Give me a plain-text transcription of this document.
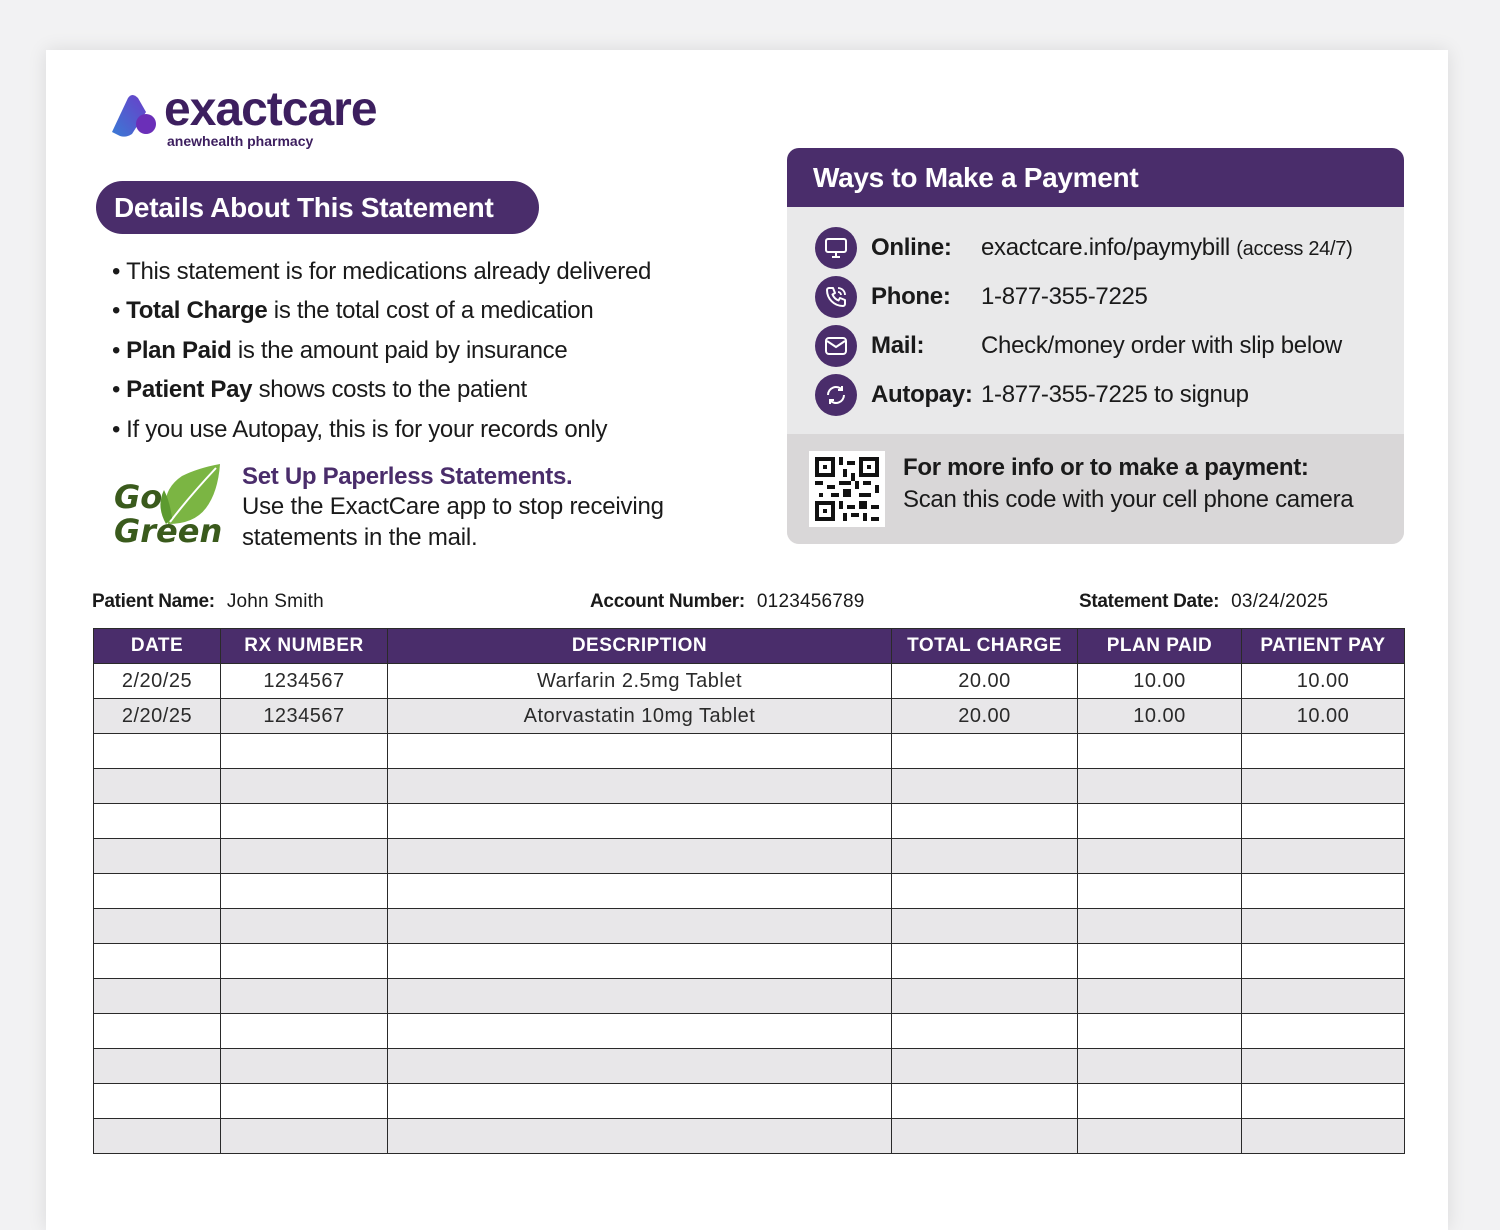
exactcare
anewhealth pharmacy
Details About This Statement
• This statement is for medications already delivered
• Total Charge is the total cost of a medication
• Plan Paid is the amount paid by insurance
• Patient Pay shows costs to the patient
• If you use Autopay, this is for your records only
Go
Green
Set Up Paperless Statements.
Use the ExactCare app to stop receiving statements in the mail.
Ways to Make a Payment
Online: exactcare.info/paymybill (access 24/7)
Phone: 1-877-355-7225
Mail: Check/money order with slip below
Autopay: 1-877-355-7225 to signup
For more info or to make a payment:
Scan this code with your cell phone camera
Patient Name: John Smith	Account Number: 0123456789	Statement Date: 03/24/2025
DATE	RX NUMBER	DESCRIPTION	TOTAL CHARGE	PLAN PAID	PATIENT PAY
2/20/25	1234567	Warfarin 2.5mg Tablet	20.00	10.00	10.00
2/20/25	1234567	Atorvastatin 10mg Tablet	20.00	10.00	10.00
